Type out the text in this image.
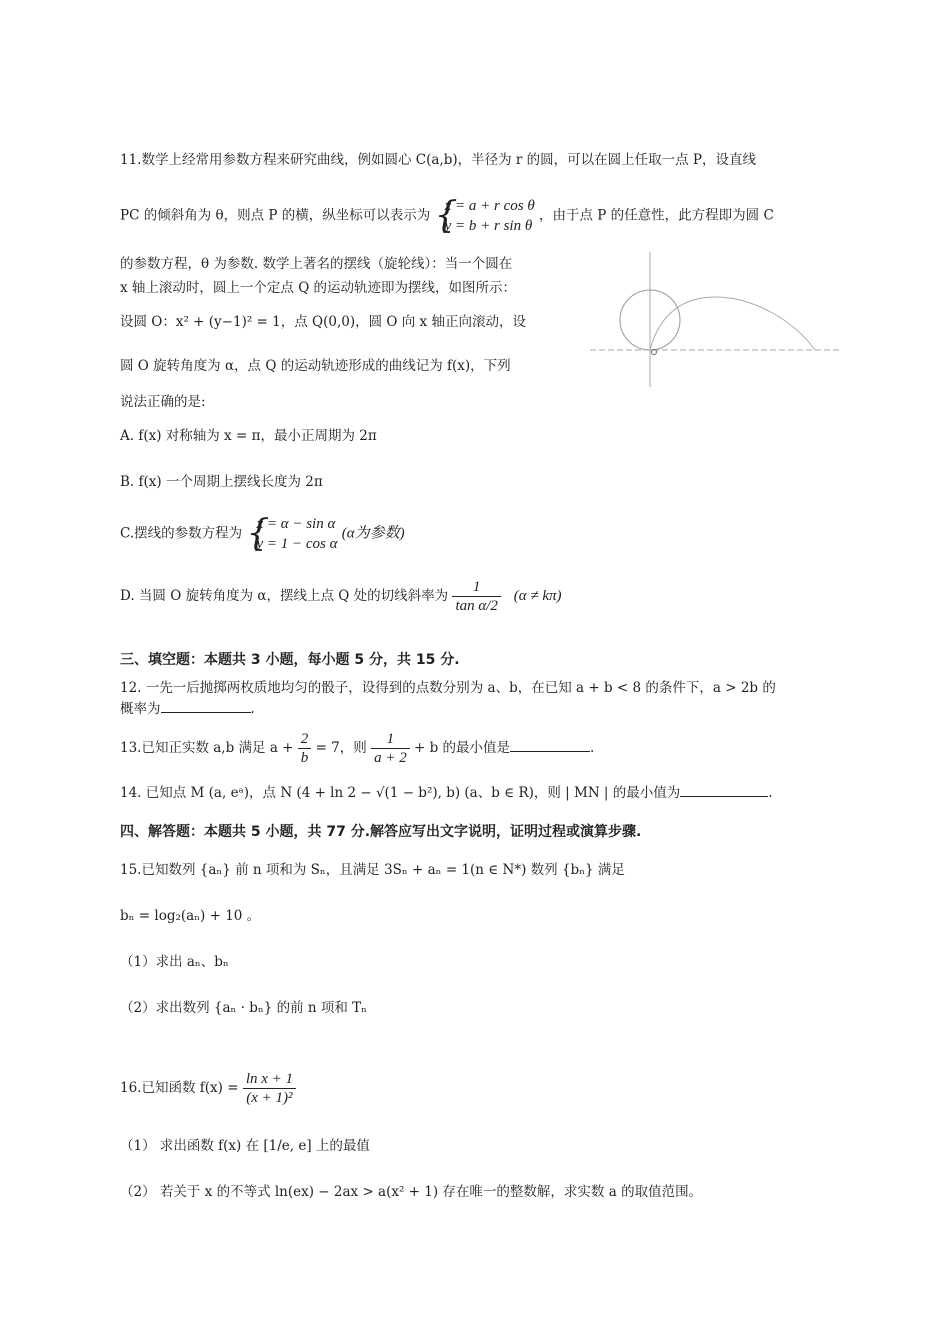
11.数学上经常用参数方程来研究曲线，例如圆心 C(a,b)，半径为 r 的圆，可以在圆上任取一点 P，设直线
PC 的倾斜角为 θ，则点 P 的横，纵坐标可以表示为 {
x = a + r cos θ
y = b + r sin θ
，由于点 P 的任意性，此方程即为圆 C
的参数方程，θ 为参数. 数学上著名的摆线（旋轮线）：当一个圆在
x 轴上滚动时，圆上一个定点 Q 的运动轨迹即为摆线，如图所示：
设圆 O：x² + (y−1)² = 1，点 Q(0,0)，圆 O 向 x 轴正向滚动，设
圆 O 旋转角度为 α，点 Q 的运动轨迹形成的曲线记为 f(x)，下列
说法正确的是:
A. f(x) 对称轴为 x = π，最小正周期为 2π
B. f(x) 一个周期上摆线长度为 2π
C.摆线的参数方程为 {
x = α − sin α
y = 1 − cos α
(α为参数)
D. 当圆 O 旋转角度为 α，摆线上点 Q 处的切线斜率为 $\frac{1}{\text{tan α/2}} (\alpha \ne k\pi)$
三、填空题：本题共 3 小题，每小题 5 分，共 15 分.
12. 一先一后抛掷两枚质地均匀的骰子，设得到的点数分别为 a、b，在已知 a + b < 8 的条件下，a > 2b 的
概率为	.
13.已知正实数 a,b 满足 $a + \frac{2}{b} = 7$，则 $\frac{1}{a + 2} + b$ 的最小值是	.
14. 已知点 M (a, eᵃ)，点 N (4 + ln 2 − √(1 − b²), b) (a、b ∈ R)，则 | MN | 的最小值为	.
四、解答题：本题共 5 小题，共 77 分.解答应写出文字说明，证明过程或演算步骤.
15.已知数列 {aₙ} 前 n 项和为 Sₙ，且满足 3Sₙ + aₙ = 1(n ∈ N*) 数列 {bₙ} 满足
bₙ = log₂(aₙ) + 10 。
（1）求出 aₙ、bₙ
（2）求出数列 {aₙ · bₙ} 的前 n 项和 Tₙ
16.已知函数 $f(x) = \frac{\text{ln x + 1}}{\text{(x + 1)²}}$
（1） 求出函数 f(x) 在 [1/e, e] 上的最值
（2） 若关于 x 的不等式 ln(ex) − 2ax > a(x² + 1) 存在唯一的整数解，求实数 a 的取值范围。
